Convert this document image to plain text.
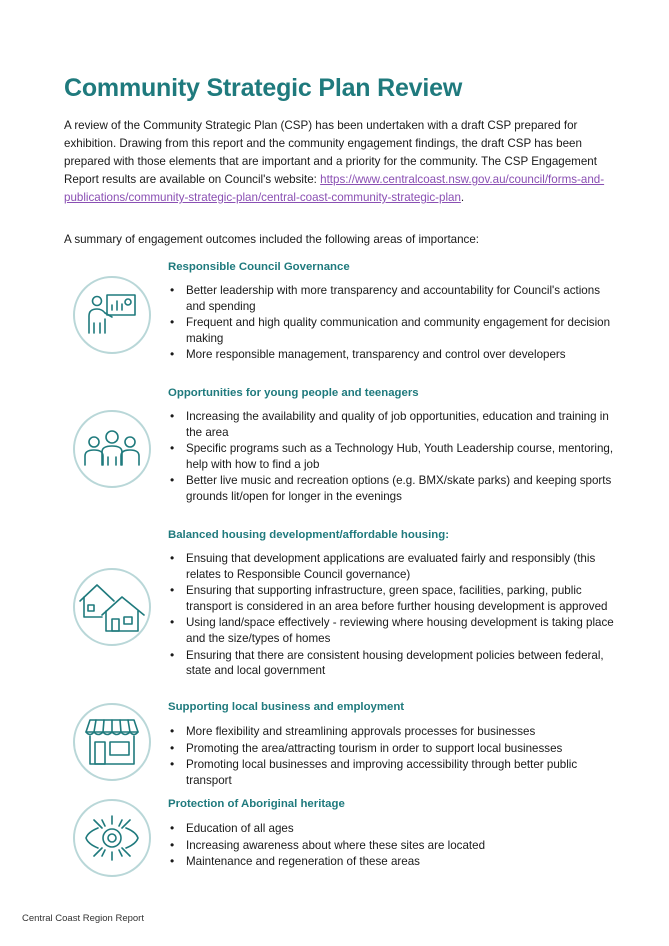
Community Strategic Plan Review

A review of the Community Strategic Plan (CSP) has been undertaken with a draft CSP prepared for exhibition. Drawing from this report and the community engagement findings, the draft CSP has been prepared with those elements that are important and a priority for the community. The CSP Engagement Report results are available on Council's website: https://www.centralcoast.nsw.gov.au/council/forms-and-publications/community-strategic-plan/central-coast-community-strategic-plan.

A summary of engagement outcomes included the following areas of importance:

Responsible Council Governance
• Better leadership with more transparency and accountability for Council's actions and spending
• Frequent and high quality communication and community engagement for decision making
• More responsible management, transparency and control over developers
Opportunities for young people and teenagers
• Increasing the availability and quality of job opportunities, education and training in the area
• Specific programs such as a Technology Hub, Youth Leadership course, mentoring, help with how to find a job
• Better live music and recreation options (e.g. BMX/skate parks) and keeping sports grounds lit/open for longer in the evenings
Balanced housing development/affordable housing:
• Ensuing that development applications are evaluated fairly and responsibly (this relates to Responsible Council governance)
• Ensuring that supporting infrastructure, green space, facilities, parking, public transport is considered in an area before further housing development is approved
• Using land/space effectively - reviewing where housing development is taking place and the size/types of homes
• Ensuring that there are consistent housing development policies between federal, state and local government
Supporting local business and employment
• More flexibility and streamlining approvals processes for businesses
• Promoting the area/attracting tourism in order to support local businesses
• Promoting local businesses and improving accessibility through better public transport
Protection of Aboriginal heritage
• Education of all ages
• Increasing awareness about where these sites are located
• Maintenance and regeneration of these areas
Central Coast Region Report
